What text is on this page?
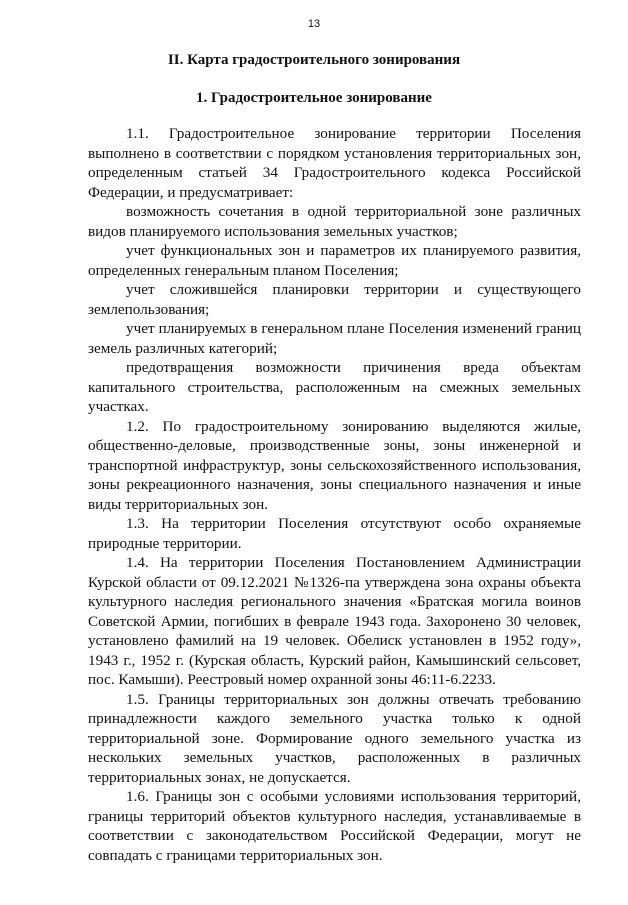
13
II. Карта градостроительного зонирования
1. Градостроительное зонирование

1.1. Градостроительное зонирование территории Поселения выполнено в соответствии с порядком установления территориальных зон, определенным статьей 34 Градостроительного кодекса Российской Федерации, и предусматривает:

возможность сочетания в одной территориальной зоне различных видов планируемого использования земельных участков;

учет функциональных зон и параметров их планируемого развития, определенных генеральным планом Поселения;

учет сложившейся планировки территории и существующего землепользования;

учет планируемых в генеральном плане Поселения изменений границ земель различных категорий;

предотвращения возможности причинения вреда объектам капитального строительства, расположенным на смежных земельных участках.

1.2. По градостроительному зонированию выделяются жилые, общественно-деловые, производственные зоны, зоны инженерной и транспортной инфраструктур, зоны сельскохозяйственного использования, зоны рекреационного назначения, зоны специального назначения и иные виды территориальных зон.

1.3. На территории Поселения отсутствуют особо охраняемые природные территории.

1.4. На территории Поселения Постановлением Администрации Курской области от 09.12.2021 №1326-па утверждена зона охраны объекта культурного наследия регионального значения «Братская могила воинов Советской Армии, погибших в феврале 1943 года. Захоронено 30 человек, установлено фамилий на 19 человек. Обелиск установлен в 1952 году», 1943 г., 1952 г. (Курская область, Курский район, Камышинский сельсовет, пос. Камыши). Реестровый номер охранной зоны 46:11-6.2233.

1.5. Границы территориальных зон должны отвечать требованию принадлежности каждого земельного участка только к одной территориальной зоне. Формирование одного земельного участка из нескольких земельных участков, расположенных в различных территориальных зонах, не допускается.

1.6. Границы зон с особыми условиями использования территорий, границы территорий объектов культурного наследия, устанавливаемые в соответствии с законодательством Российской Федерации, могут не совпадать с границами территориальных зон.
